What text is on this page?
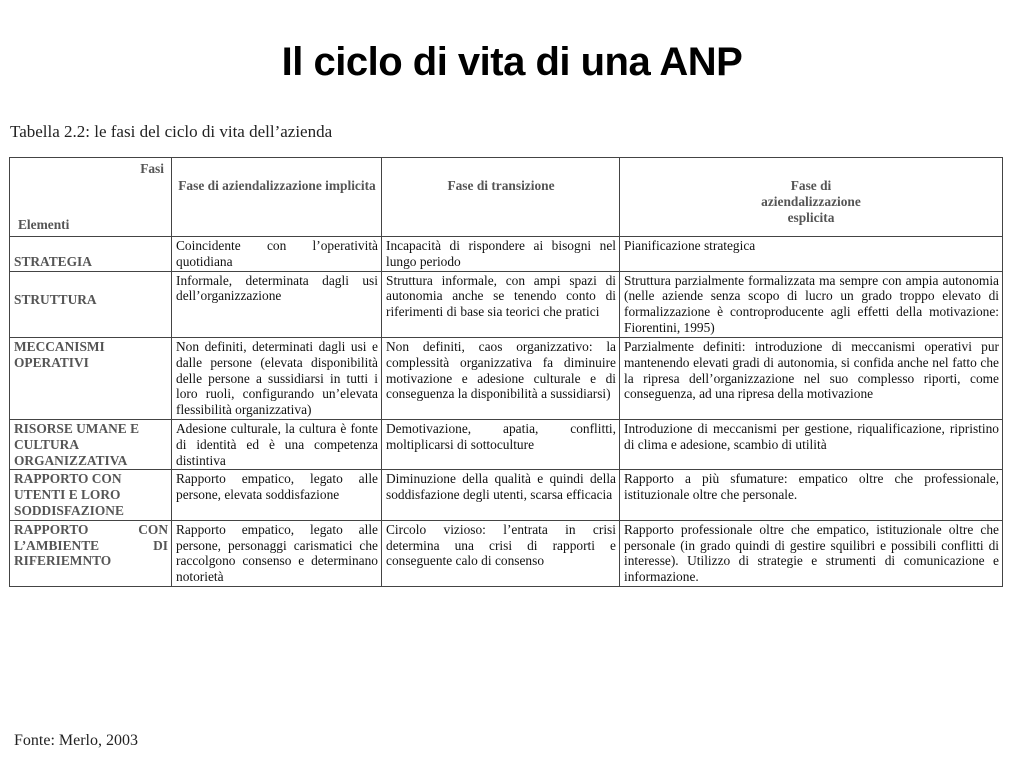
Il ciclo di vita di una ANP
Tabella 2.2: le fasi del ciclo di vita dell’azienda
Fasi
Elementi	Fase di aziendalizzazione implicita	Fase di transizione	Fase di aziendalizzazione esplicita
STRATEGIA	Coincidente con l’operatività quotidiana	Incapacità di rispondere ai bisogni nel lungo periodo	Pianificazione strategica
STRUTTURA	Informale, determinata dagli usi dell’organizzazione	Struttura informale, con ampi spazi di autonomia anche se tenendo conto di riferimenti di base sia teorici che pratici	Struttura parzialmente formalizzata ma sempre con ampia autonomia (nelle aziende senza scopo di lucro un grado troppo elevato di formalizzazione è controproducente agli effetti della motivazione: Fiorentini, 1995)
MECCANISMI OPERATIVI	Non definiti, determinati dagli usi e dalle persone (elevata disponibilità delle persone a sussidiarsi in tutti i loro ruoli, configurando un’elevata flessibilità organizzativa)	Non definiti, caos organizzativo: la complessità organizzativa fa diminuire motivazione e adesione culturale e di conseguenza la disponibilità a sussidiarsi)	Parzialmente definiti: introduzione di meccanismi operativi pur mantenendo elevati gradi di autonomia, si confida anche nel fatto che la ripresa dell’organizzazione nel suo complesso riporti, come conseguenza, ad una ripresa della motivazione
RISORSE UMANE E CULTURA ORGANIZZATIVA	Adesione culturale, la cultura è fonte di identità ed è una competenza distintiva	Demotivazione, apatia, conflitti, moltiplicarsi di sottoculture	Introduzione di meccanismi per gestione, riqualificazione, ripristino di clima e adesione, scambio di utilità
RAPPORTO CON UTENTI E LORO SODDISFAZIONE	Rapporto empatico, legato alle persone, elevata soddisfazione	Diminuzione della qualità e quindi della soddisfazione degli utenti, scarsa efficacia	Rapporto a più sfumature: empatico oltre che professionale, istituzionale oltre che personale.
RAPPORTO CON L’AMBIENTE DI RIFERIEMNTO	Rapporto empatico, legato alle persone, personaggi carismatici che raccolgono consenso e determinano notorietà	Circolo vizioso: l’entrata in crisi determina una crisi di rapporti e conseguente calo di consenso	Rapporto professionale oltre che empatico, istituzionale oltre che personale (in grado quindi di gestire squilibri e possibili conflitti di interesse). Utilizzo di strategie e strumenti di comunicazione e informazione.
Fonte: Merlo, 2003
